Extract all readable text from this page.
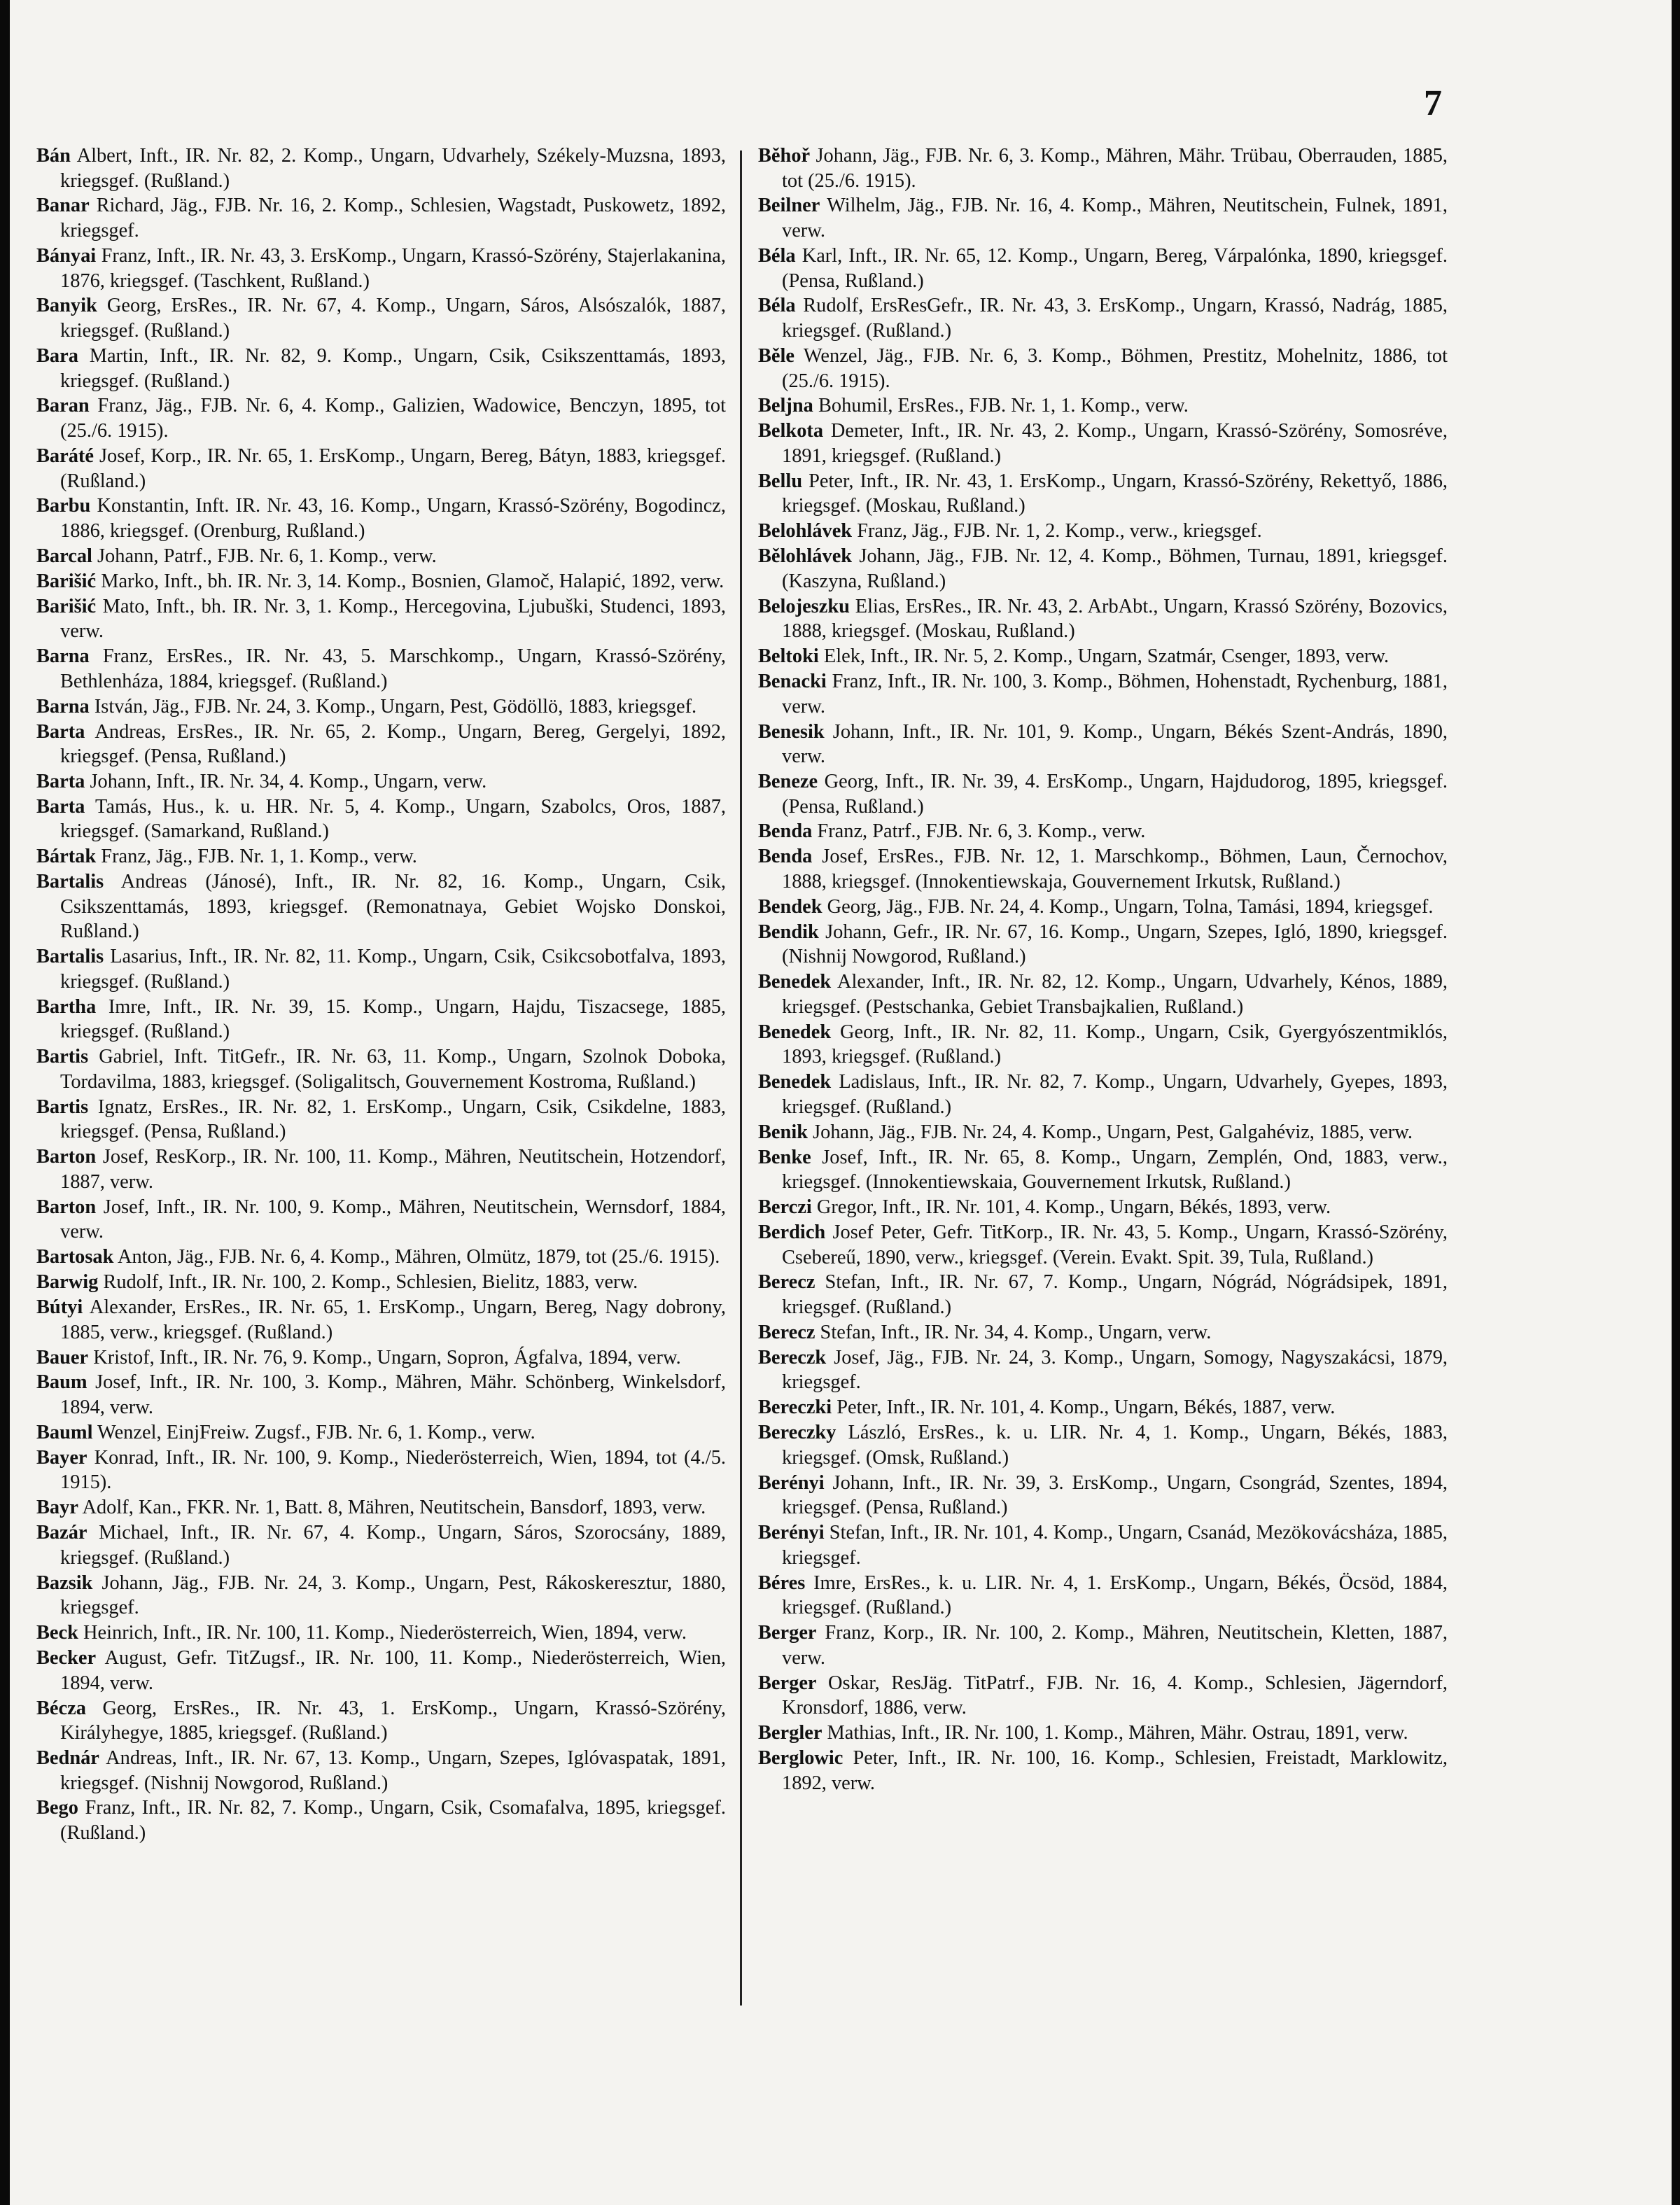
7

Bán Albert, Inft., IR. Nr. 82, 2. Komp., Ungarn, Udvarhely, Székely-Muzsna, 1893, kriegsgef. (Rußland.)

Banar Richard, Jäg., FJB. Nr. 16, 2. Komp., Schlesien, Wagstadt, Puskowetz, 1892, kriegsgef.

Bányai Franz, Inft., IR. Nr. 43, 3. ErsKomp., Ungarn, Krassó-Szörény, Stajerlakanina, 1876, kriegsgef. (Taschkent, Rußland.)

Banyik Georg, ErsRes., IR. Nr. 67, 4. Komp., Ungarn, Sáros, Alsószalók, 1887, kriegsgef. (Rußland.)

Bara Martin, Inft., IR. Nr. 82, 9. Komp., Ungarn, Csik, Csikszenttamás, 1893, kriegsgef. (Rußland.)

Baran Franz, Jäg., FJB. Nr. 6, 4. Komp., Galizien, Wadowice, Benczyn, 1895, tot (25./6. 1915).

Baráté Josef, Korp., IR. Nr. 65, 1. ErsKomp., Ungarn, Bereg, Bátyn, 1883, kriegsgef. (Rußland.)

Barbu Konstantin, Inft. IR. Nr. 43, 16. Komp., Ungarn, Krassó-Szörény, Bogodincz, 1886, kriegsgef. (Orenburg, Rußland.)

Barcal Johann, Patrf., FJB. Nr. 6, 1. Komp., verw.

Barišić Marko, Inft., bh. IR. Nr. 3, 14. Komp., Bosnien, Glamoč, Halapić, 1892, verw.

Barišić Mato, Inft., bh. IR. Nr. 3, 1. Komp., Hercegovina, Ljubuški, Studenci, 1893, verw.

Barna Franz, ErsRes., IR. Nr. 43, 5. Marschkomp., Ungarn, Krassó-Szörény, Bethlenháza, 1884, kriegsgef. (Rußland.)

Barna István, Jäg., FJB. Nr. 24, 3. Komp., Ungarn, Pest, Gödöllö, 1883, kriegsgef.

Barta Andreas, ErsRes., IR. Nr. 65, 2. Komp., Ungarn, Bereg, Gergelyi, 1892, kriegsgef. (Pensa, Rußland.)

Barta Johann, Inft., IR. Nr. 34, 4. Komp., Ungarn, verw.

Barta Tamás, Hus., k. u. HR. Nr. 5, 4. Komp., Ungarn, Szabolcs, Oros, 1887, kriegsgef. (Samarkand, Rußland.)

Bártak Franz, Jäg., FJB. Nr. 1, 1. Komp., verw.

Bartalis Andreas (Jánosé), Inft., IR. Nr. 82, 16. Komp., Ungarn, Csik, Csikszenttamás, 1893, kriegsgef. (Remonatnaya, Gebiet Wojsko Donskoi, Rußland.)

Bartalis Lasarius, Inft., IR. Nr. 82, 11. Komp., Ungarn, Csik, Csikcsobotfalva, 1893, kriegsgef. (Rußland.)

Bartha Imre, Inft., IR. Nr. 39, 15. Komp., Ungarn, Hajdu, Tiszacsege, 1885, kriegsgef. (Rußland.)

Bartis Gabriel, Inft. TitGefr., IR. Nr. 63, 11. Komp., Ungarn, Szolnok Doboka, Tordavilma, 1883, kriegsgef. (Soligalitsch, Gouvernement Kostroma, Rußland.)

Bartis Ignatz, ErsRes., IR. Nr. 82, 1. ErsKomp., Ungarn, Csik, Csikdelne, 1883, kriegsgef. (Pensa, Rußland.)

Barton Josef, ResKorp., IR. Nr. 100, 11. Komp., Mähren, Neutitschein, Hotzendorf, 1887, verw.

Barton Josef, Inft., IR. Nr. 100, 9. Komp., Mähren, Neutitschein, Wernsdorf, 1884, verw.

Bartosak Anton, Jäg., FJB. Nr. 6, 4. Komp., Mähren, Olmütz, 1879, tot (25./6. 1915).

Barwig Rudolf, Inft., IR. Nr. 100, 2. Komp., Schlesien, Bielitz, 1883, verw.

Bútyi Alexander, ErsRes., IR. Nr. 65, 1. ErsKomp., Ungarn, Bereg, Nagy dobrony, 1885, verw., kriegsgef. (Rußland.)

Bauer Kristof, Inft., IR. Nr. 76, 9. Komp., Ungarn, Sopron, Ágfalva, 1894, verw.

Baum Josef, Inft., IR. Nr. 100, 3. Komp., Mähren, Mähr. Schönberg, Winkelsdorf, 1894, verw.

Bauml Wenzel, EinjFreiw. Zugsf., FJB. Nr. 6, 1. Komp., verw.

Bayer Konrad, Inft., IR. Nr. 100, 9. Komp., Niederösterreich, Wien, 1894, tot (4./5. 1915).

Bayr Adolf, Kan., FKR. Nr. 1, Batt. 8, Mähren, Neutitschein, Bansdorf, 1893, verw.

Bazár Michael, Inft., IR. Nr. 67, 4. Komp., Ungarn, Sáros, Szorocsány, 1889, kriegsgef. (Rußland.)

Bazsik Johann, Jäg., FJB. Nr. 24, 3. Komp., Ungarn, Pest, Rákoskeresztur, 1880, kriegsgef.

Beck Heinrich, Inft., IR. Nr. 100, 11. Komp., Niederösterreich, Wien, 1894, verw.

Becker August, Gefr. TitZugsf., IR. Nr. 100, 11. Komp., Niederösterreich, Wien, 1894, verw.

Bécza Georg, ErsRes., IR. Nr. 43, 1. ErsKomp., Ungarn, Krassó-Szörény, Királyhegye, 1885, kriegsgef. (Rußland.)

Bednár Andreas, Inft., IR. Nr. 67, 13. Komp., Ungarn, Szepes, Iglóvaspatak, 1891, kriegsgef. (Nishnij Nowgorod, Rußland.)

Bego Franz, Inft., IR. Nr. 82, 7. Komp., Ungarn, Csik, Csomafalva, 1895, kriegsgef. (Rußland.)

Běhoř Johann, Jäg., FJB. Nr. 6, 3. Komp., Mähren, Mähr. Trübau, Oberrauden, 1885, tot (25./6. 1915).

Beilner Wilhelm, Jäg., FJB. Nr. 16, 4. Komp., Mähren, Neutitschein, Fulnek, 1891, verw.

Béla Karl, Inft., IR. Nr. 65, 12. Komp., Ungarn, Bereg, Várpalónka, 1890, kriegsgef. (Pensa, Rußland.)

Béla Rudolf, ErsResGefr., IR. Nr. 43, 3. ErsKomp., Ungarn, Krassó, Nadrág, 1885, kriegsgef. (Rußland.)

Běle Wenzel, Jäg., FJB. Nr. 6, 3. Komp., Böhmen, Prestitz, Mohelnitz, 1886, tot (25./6. 1915).

Beljna Bohumil, ErsRes., FJB. Nr. 1, 1. Komp., verw.

Belkota Demeter, Inft., IR. Nr. 43, 2. Komp., Ungarn, Krassó-Szörény, Somosréve, 1891, kriegsgef. (Rußland.)

Bellu Peter, Inft., IR. Nr. 43, 1. ErsKomp., Ungarn, Krassó-Szörény, Rekettyő, 1886, kriegsgef. (Moskau, Rußland.)

Belohlávek Franz, Jäg., FJB. Nr. 1, 2. Komp., verw., kriegsgef.

Bělohlávek Johann, Jäg., FJB. Nr. 12, 4. Komp., Böhmen, Turnau, 1891, kriegsgef. (Kaszyna, Rußland.)

Belojeszku Elias, ErsRes., IR. Nr. 43, 2. ArbAbt., Ungarn, Krassó Szörény, Bozovics, 1888, kriegsgef. (Moskau, Rußland.)

Beltoki Elek, Inft., IR. Nr. 5, 2. Komp., Ungarn, Szatmár, Csenger, 1893, verw.

Benacki Franz, Inft., IR. Nr. 100, 3. Komp., Böhmen, Hohenstadt, Rychenburg, 1881, verw.

Benesik Johann, Inft., IR. Nr. 101, 9. Komp., Ungarn, Békés Szent-András, 1890, verw.

Beneze Georg, Inft., IR. Nr. 39, 4. ErsKomp., Ungarn, Hajdudorog, 1895, kriegsgef. (Pensa, Rußland.)

Benda Franz, Patrf., FJB. Nr. 6, 3. Komp., verw.

Benda Josef, ErsRes., FJB. Nr. 12, 1. Marschkomp., Böhmen, Laun, Černochov, 1888, kriegsgef. (Innokentiewskaja, Gouvernement Irkutsk, Rußland.)

Bendek Georg, Jäg., FJB. Nr. 24, 4. Komp., Ungarn, Tolna, Tamási, 1894, kriegsgef.

Bendik Johann, Gefr., IR. Nr. 67, 16. Komp., Ungarn, Szepes, Igló, 1890, kriegsgef. (Nishnij Nowgorod, Rußland.)

Benedek Alexander, Inft., IR. Nr. 82, 12. Komp., Ungarn, Udvarhely, Kénos, 1889, kriegsgef. (Pestschanka, Gebiet Transbajkalien, Rußland.)

Benedek Georg, Inft., IR. Nr. 82, 11. Komp., Ungarn, Csik, Gyergyószentmiklós, 1893, kriegsgef. (Rußland.)

Benedek Ladislaus, Inft., IR. Nr. 82, 7. Komp., Ungarn, Udvarhely, Gyepes, 1893, kriegsgef. (Rußland.)

Benik Johann, Jäg., FJB. Nr. 24, 4. Komp., Ungarn, Pest, Galgahéviz, 1885, verw.

Benke Josef, Inft., IR. Nr. 65, 8. Komp., Ungarn, Zemplén, Ond, 1883, verw., kriegsgef. (Innokentiewskaia, Gouvernement Irkutsk, Rußland.)

Berczi Gregor, Inft., IR. Nr. 101, 4. Komp., Ungarn, Békés, 1893, verw.

Berdich Josef Peter, Gefr. TitKorp., IR. Nr. 43, 5. Komp., Ungarn, Krassó-Szörény, Csebereű, 1890, verw., kriegsgef. (Verein. Evakt. Spit. 39, Tula, Rußland.)

Berecz Stefan, Inft., IR. Nr. 67, 7. Komp., Ungarn, Nógrád, Nógrádsipek, 1891, kriegsgef. (Rußland.)

Berecz Stefan, Inft., IR. Nr. 34, 4. Komp., Ungarn, verw.

Bereczk Josef, Jäg., FJB. Nr. 24, 3. Komp., Ungarn, Somogy, Nagyszakácsi, 1879, kriegsgef.

Bereczki Peter, Inft., IR. Nr. 101, 4. Komp., Ungarn, Békés, 1887, verw.

Bereczky László, ErsRes., k. u. LIR. Nr. 4, 1. Komp., Ungarn, Békés, 1883, kriegsgef. (Omsk, Rußland.)

Berényi Johann, Inft., IR. Nr. 39, 3. ErsKomp., Ungarn, Csongrád, Szentes, 1894, kriegsgef. (Pensa, Rußland.)

Berényi Stefan, Inft., IR. Nr. 101, 4. Komp., Ungarn, Csanád, Mezökovácsháza, 1885, kriegsgef.

Béres Imre, ErsRes., k. u. LIR. Nr. 4, 1. ErsKomp., Ungarn, Békés, Öcsöd, 1884, kriegsgef. (Rußland.)

Berger Franz, Korp., IR. Nr. 100, 2. Komp., Mähren, Neutitschein, Kletten, 1887, verw.

Berger Oskar, ResJäg. TitPatrf., FJB. Nr. 16, 4. Komp., Schlesien, Jägerndorf, Kronsdorf, 1886, verw.

Bergler Mathias, Inft., IR. Nr. 100, 1. Komp., Mähren, Mähr. Ostrau, 1891, verw.

Berglowic Peter, Inft., IR. Nr. 100, 16. Komp., Schlesien, Freistadt, Marklowitz, 1892, verw.
